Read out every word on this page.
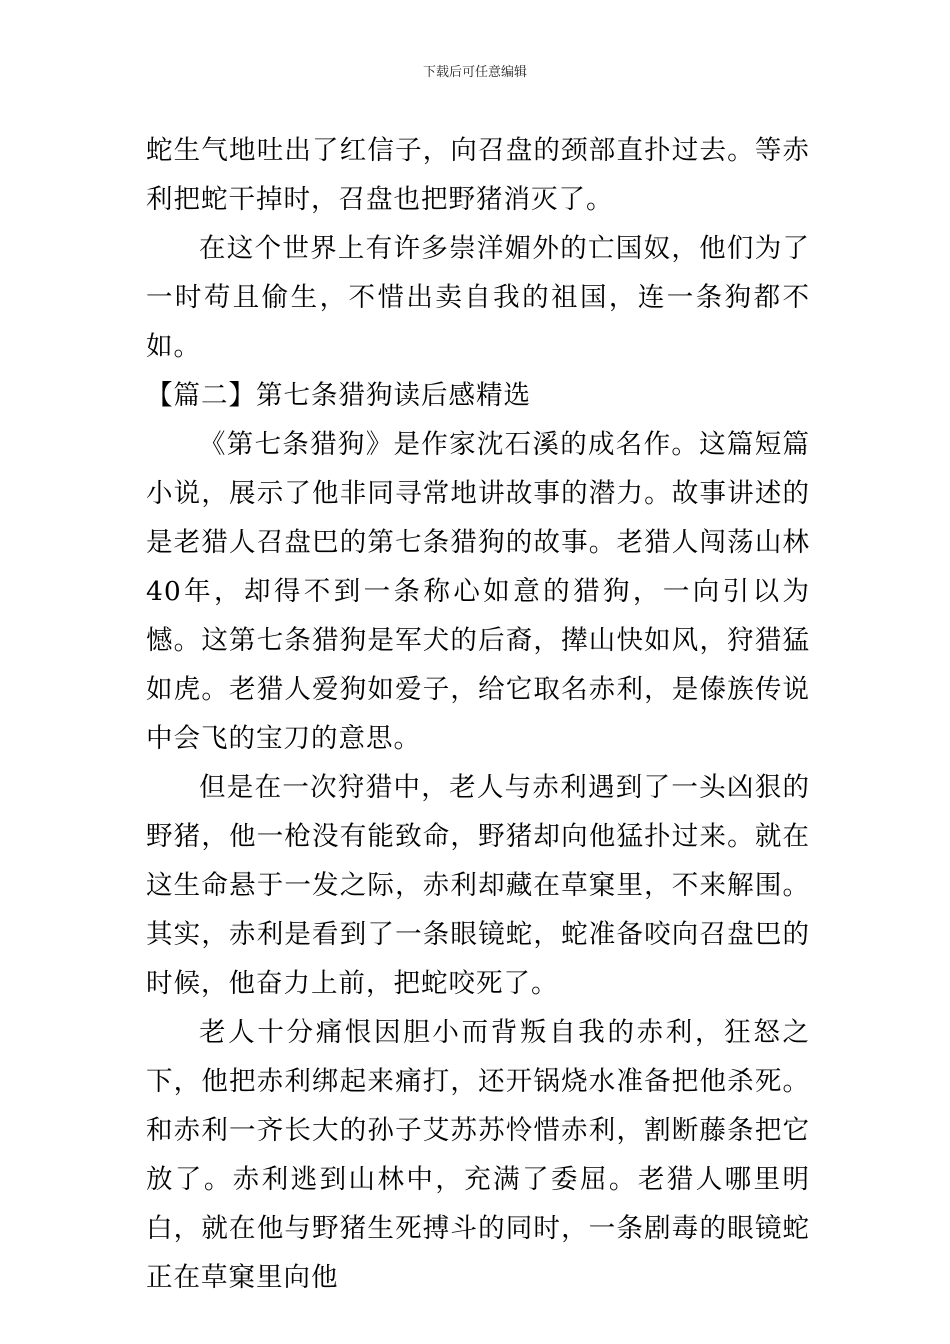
下载后可任意编辑

蛇生气地吐出了红信子，向召盘的颈部直扑过去。等赤利把蛇干掉时，召盘也把野猪消灭了。

在这个世界上有许多崇洋媚外的亡国奴，他们为了一时苟且偷生，不惜出卖自我的祖国，连一条狗都不如。

【篇二】第七条猎狗读后感精选

《第七条猎狗》是作家沈石溪的成名作。这篇短篇小说，展示了他非同寻常地讲故事的潜力。故事讲述的是老猎人召盘巴的第七条猎狗的故事。老猎人闯荡山林40年，却得不到一条称心如意的猎狗，一向引以为憾。这第七条猎狗是军犬的后裔，撵山快如风，狩猎猛如虎。老猎人爱狗如爱子，给它取名赤利，是傣族传说中会飞的宝刀的意思。

但是在一次狩猎中，老人与赤利遇到了一头凶狠的野猪，他一枪没有能致命，野猪却向他猛扑过来。就在这生命悬于一发之际，赤利却藏在草窠里，不来解围。其实，赤利是看到了一条眼镜蛇，蛇准备咬向召盘巴的时候，他奋力上前，把蛇咬死了。

老人十分痛恨因胆小而背叛自我的赤利，狂怒之下，他把赤利绑起来痛打，还开锅烧水准备把他杀死。和赤利一齐长大的孙子艾苏苏怜惜赤利，割断藤条把它放了。赤利逃到山林中，充满了委屈。老猎人哪里明白，就在他与野猪生死搏斗的同时，一条剧毒的眼镜蛇正在草窠里向他
